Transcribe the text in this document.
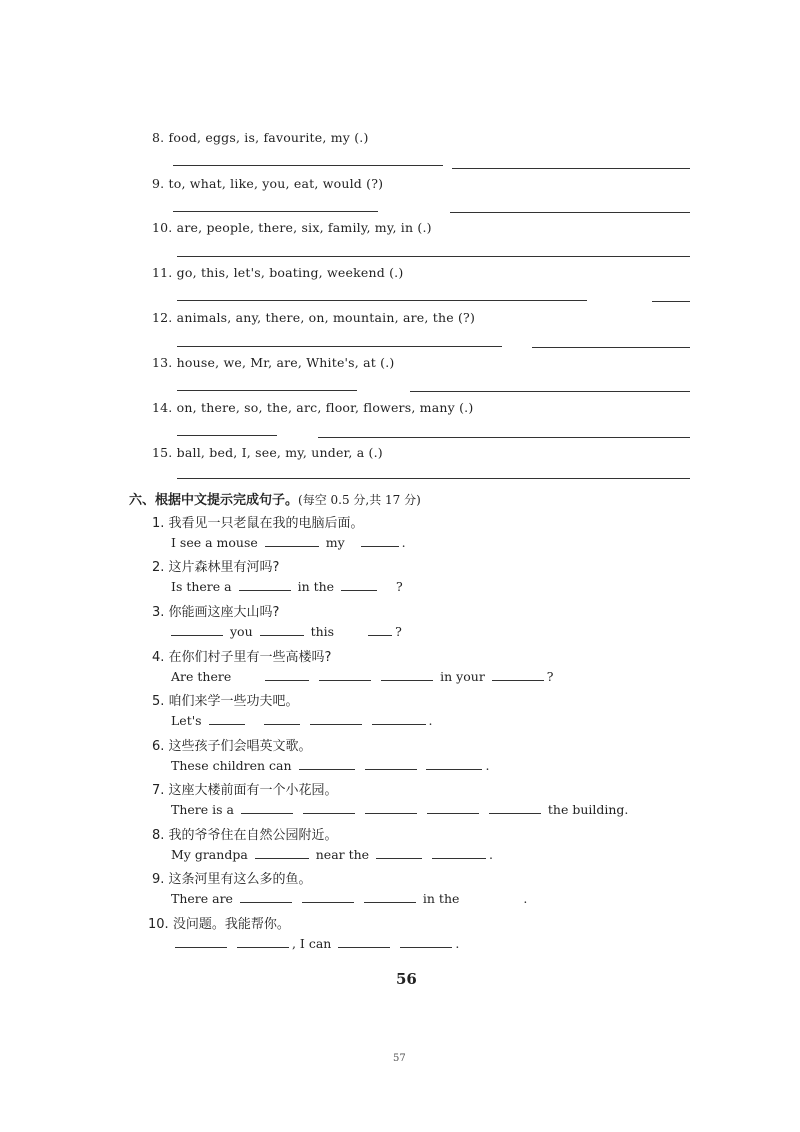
8. food, eggs, is, favourite, my (.)
9. to, what, like, you, eat, would (?)
10. are, people, there, six, family, my, in (.)
11. go, this, let's, boating, weekend (.)
12. animals, any, there, on, mountain, are, the (?)
13. house, we, Mr, are, White's, at (.)
14. on, there, so, the, arc, floor, flowers, many (.)
15. ball, bed, I, see, my, under, a (.)
六、根据中文提示完成句子。(每空 0.5 分,共 17 分)
1. 我看见一只老鼠在我的电脑后面。
I see a mouse	my	.
2. 这片森林里有河吗?
Is there a	in the	?
3. 你能画这座大山吗?
you	this	?
4. 在你们村子里有一些高楼吗?
Are there	in your	?
5. 咱们来学一些功夫吧。
Let's	.
6. 这些孩子们会唱英文歌。
These children can	.
7. 这座大楼前面有一个小花园。
There is a	the building.
8. 我的爷爷住在自然公园附近。
My grandpa	near the	.
9. 这条河里有这么多的鱼。
There are	in the	.
10. 没问题。我能帮你。
, I can	.
56
57
